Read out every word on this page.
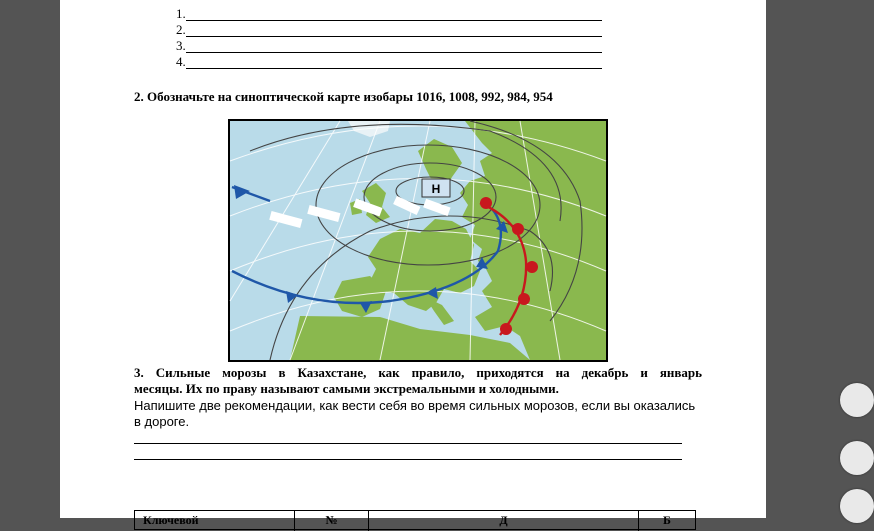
1.
2.
3.
4.
2. Обозначьте на синоптической карте изобары 1016, 1008, 992, 984, 954
Н
3. Сильные морозы в Казахстане, как правило, приходятся на декабрь и январь
месяцы. Их по праву называют самыми экстремальными и холодными.
Напишите две рекомендации, как вести себя во время сильных морозов, если вы оказались
в дороге.
Ключевой	№	Д	Б
